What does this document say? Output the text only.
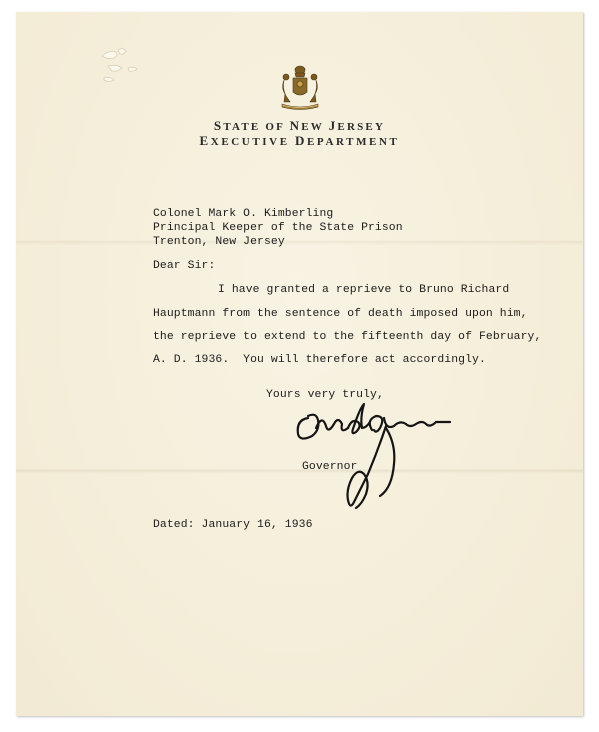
STATE OF NEW JERSEY
EXECUTIVE DEPARTMENT
Colonel Mark O. Kimberling
Principal Keeper of the State Prison
Trenton, New Jersey
Dear Sir:
I have granted a reprieve to Bruno Richard
Hauptmann from the sentence of death imposed upon him,
the reprieve to extend to the fifteenth day of February,
A. D. 1936.  You will therefore act accordingly.
Yours very truly,
Governor
Dated: January 16, 1936
